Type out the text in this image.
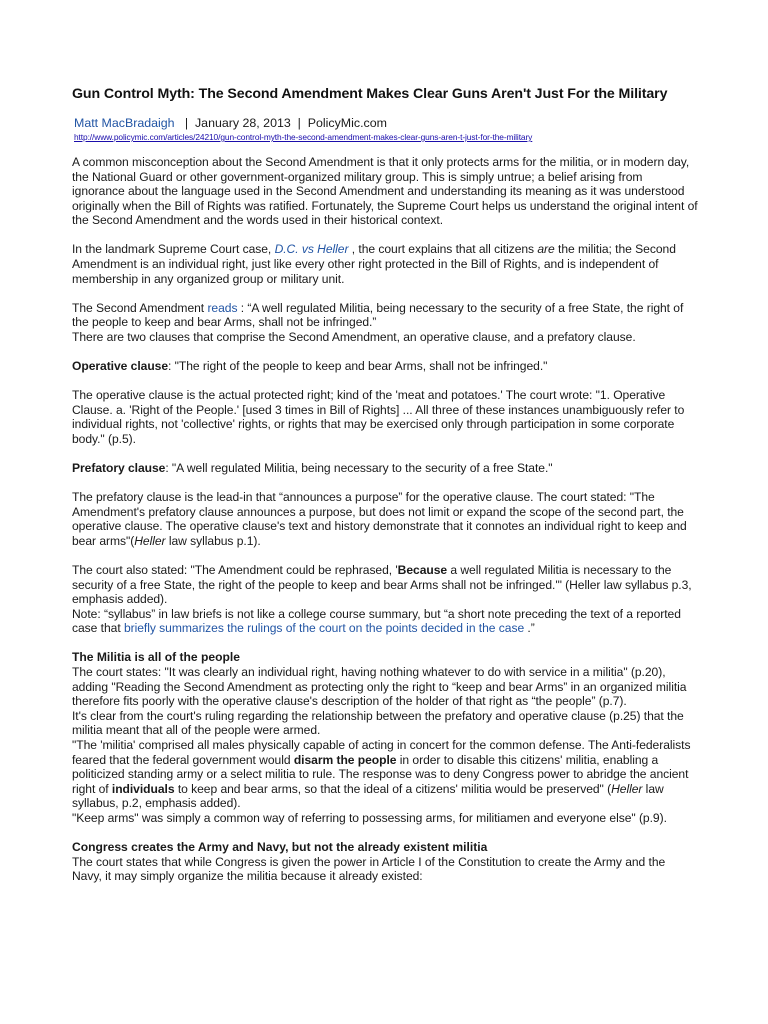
Gun Control Myth: The Second Amendment Makes Clear Guns Aren't Just For the Military
Matt MacBradaigh | January 28, 2013 | PolicyMic.com
http://www.policymic.com/articles/24210/gun-control-myth-the-second-amendment-makes-clear-guns-aren-t-just-for-the-military

A common misconception about the Second Amendment is that it only protects arms for the militia, or in modern day, the National Guard or other government-organized military group. This is simply untrue; a belief arising from ignorance about the language used in the Second Amendment and understanding its meaning as it was understood originally when the Bill of Rights was ratified. Fortunately, the Supreme Court helps us understand the original intent of the Second Amendment and the words used in their historical context.

In the landmark Supreme Court case, D.C. vs Heller , the court explains that all citizens are the militia; the Second Amendment is an individual right, just like every other right protected in the Bill of Rights, and is independent of membership in any organized group or military unit.

The Second Amendment reads : “A well regulated Militia, being necessary to the security of a free State, the right of the people to keep and bear Arms, shall not be infringed.”
There are two clauses that comprise the Second Amendment, an operative clause, and a prefatory clause.

Operative clause: "The right of the people to keep and bear Arms, shall not be infringed."

The operative clause is the actual protected right; kind of the 'meat and potatoes.' The court wrote: "1. Operative Clause. a. 'Right of the People.' [used 3 times in Bill of Rights] ... All three of these instances unambiguously refer to individual rights, not 'collective' rights, or rights that may be exercised only through participation in some corporate body." (p.5).

Prefatory clause: "A well regulated Militia, being necessary to the security of a free State."

The prefatory clause is the lead-in that “announces a purpose” for the operative clause. The court stated: "The Amendment's prefatory clause announces a purpose, but does not limit or expand the scope of the second part, the operative clause. The operative clause's text and history demonstrate that it connotes an individual right to keep and bear arms"(Heller law syllabus p.1).

The court also stated: "The Amendment could be rephrased, 'Because a well regulated Militia is necessary to the security of a free State, the right of the people to keep and bear Arms shall not be infringed.'" (Heller law syllabus p.3, emphasis added).
Note: “syllabus” in law briefs is not like a college course summary, but “a short note preceding the text of a reported case that briefly summarizes the rulings of the court on the points decided in the case .”

The Militia is all of the people

The court states: "It was clearly an individual right, having nothing whatever to do with service in a militia" (p.20), adding "Reading the Second Amendment as protecting only the right to “keep and bear Arms” in an organized militia therefore fits poorly with the operative clause's description of the holder of that right as “the people” (p.7).
It's clear from the court's ruling regarding the relationship between the prefatory and operative clause (p.25) that the militia meant that all of the people were armed.
"The 'militia' comprised all males physically capable of acting in concert for the common defense. The Anti-federalists feared that the federal government would disarm the people in order to disable this citizens' militia, enabling a politicized standing army or a select militia to rule. The response was to deny Congress power to abridge the ancient right of individuals to keep and bear arms, so that the ideal of a citizens' militia would be preserved" (Heller law syllabus, p.2, emphasis added).
"Keep arms" was simply a common way of referring to possessing arms, for militiamen and everyone else" (p.9).

Congress creates the Army and Navy, but not the already existent militia

The court states that while Congress is given the power in Article I of the Constitution to create the Army and the Navy, it may simply organize the militia because it already existed:
